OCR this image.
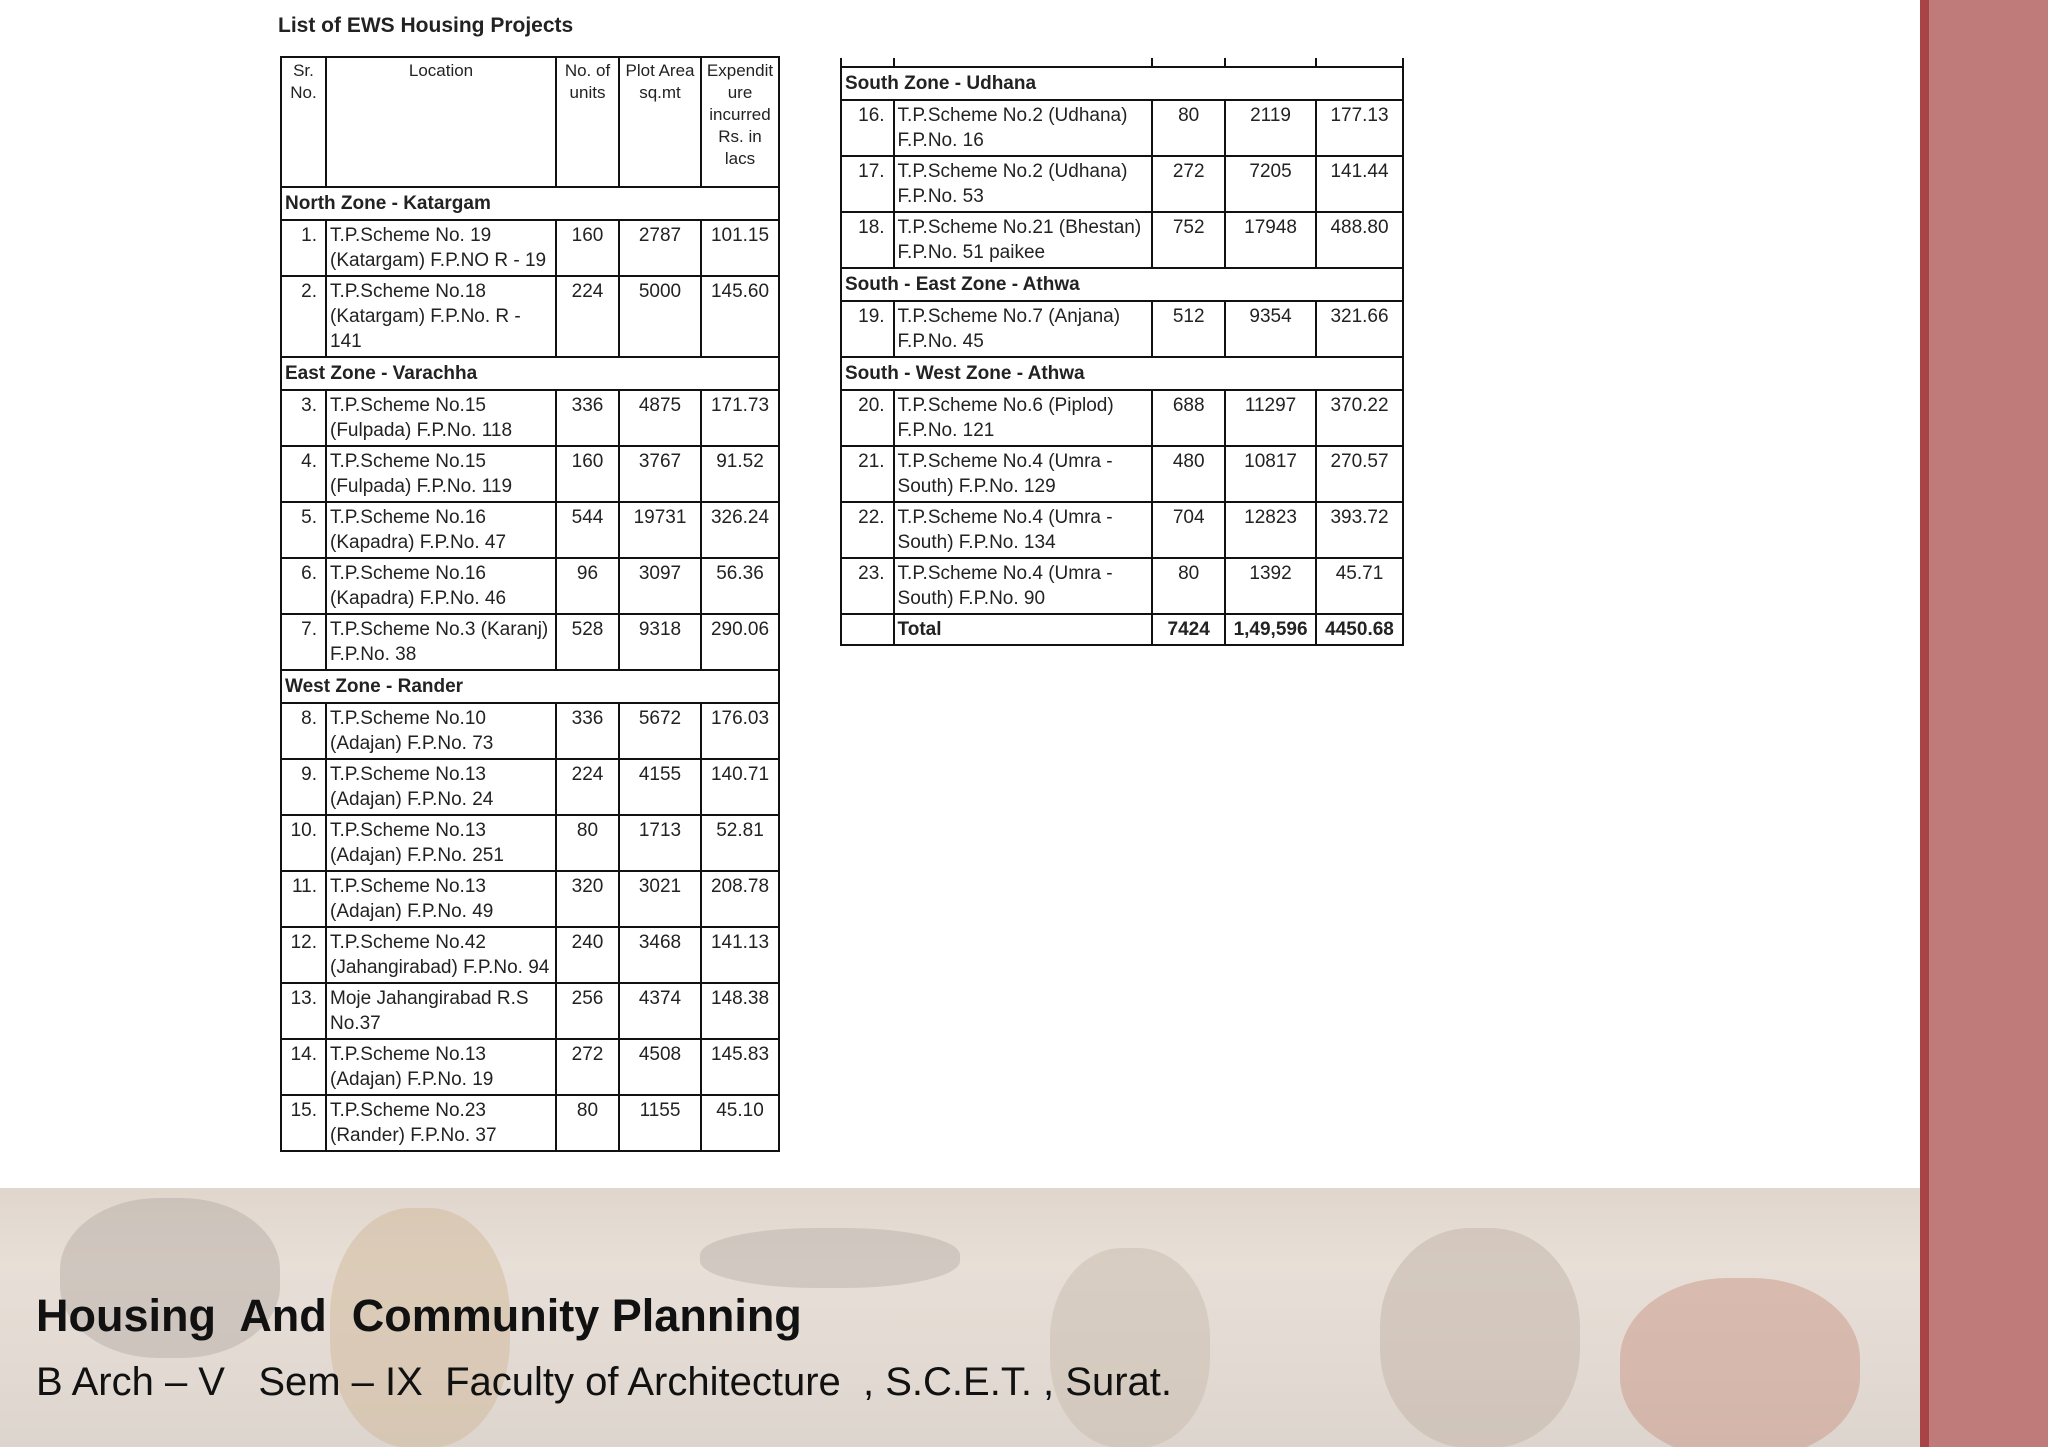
Housing  And  Community Planning
B Arch – V   Sem – IX  Faculty of Architecture  , S.C.E.T. , Surat.
List of EWS Housing Projects
Sr. No.	Location	No. of units	Plot Area sq.mt	Expendit ure incurred Rs. in lacs
North Zone - Katargam				
1.	T.P.Scheme No. 19 (Katargam) F.P.NO R - 19	160	2787	101.15
2.	T.P.Scheme No.18 (Katargam) F.P.No. R - 141	224	5000	145.60
East Zone - Varachha				
3.	T.P.Scheme No.15 (Fulpada) F.P.No. 118	336	4875	171.73
4.	T.P.Scheme No.15 (Fulpada) F.P.No. 119	160	3767	91.52
5.	T.P.Scheme No.16 (Kapadra) F.P.No. 47	544	19731	326.24
6.	T.P.Scheme No.16 (Kapadra) F.P.No. 46	96	3097	56.36
7.	T.P.Scheme No.3 (Karanj) F.P.No. 38	528	9318	290.06
West Zone - Rander				
8.	T.P.Scheme No.10 (Adajan) F.P.No. 73	336	5672	176.03
9.	T.P.Scheme No.13 (Adajan) F.P.No. 24	224	4155	140.71
10.	T.P.Scheme No.13 (Adajan) F.P.No. 251	80	1713	52.81
11.	T.P.Scheme No.13 (Adajan) F.P.No. 49	320	3021	208.78
12.	T.P.Scheme No.42 (Jahangirabad) F.P.No. 94	240	3468	141.13
13.	Moje Jahangirabad R.S No.37	256	4374	148.38
14.	T.P.Scheme No.13 (Adajan) F.P.No. 19	272	4508	145.83
15.	T.P.Scheme No.23 (Rander) F.P.No. 37	80	1155	45.10

South Zone - Udhana				
16.	T.P.Scheme No.2 (Udhana) F.P.No. 16	80	2119	177.13
17.	T.P.Scheme No.2 (Udhana) F.P.No. 53	272	7205	141.44
18.	T.P.Scheme No.21 (Bhestan) F.P.No. 51 paikee	752	17948	488.80
South - East Zone - Athwa				
19.	T.P.Scheme No.7 (Anjana) F.P.No. 45	512	9354	321.66
South - West Zone - Athwa				
20.	T.P.Scheme No.6 (Piplod) F.P.No. 121	688	11297	370.22
21.	T.P.Scheme No.4 (Umra - South) F.P.No. 129	480	10817	270.57
22.	T.P.Scheme No.4 (Umra - South) F.P.No. 134	704	12823	393.72
23.	T.P.Scheme No.4 (Umra - South) F.P.No. 90	80	1392	45.71
	Total	7424	1,49,596	4450.68
